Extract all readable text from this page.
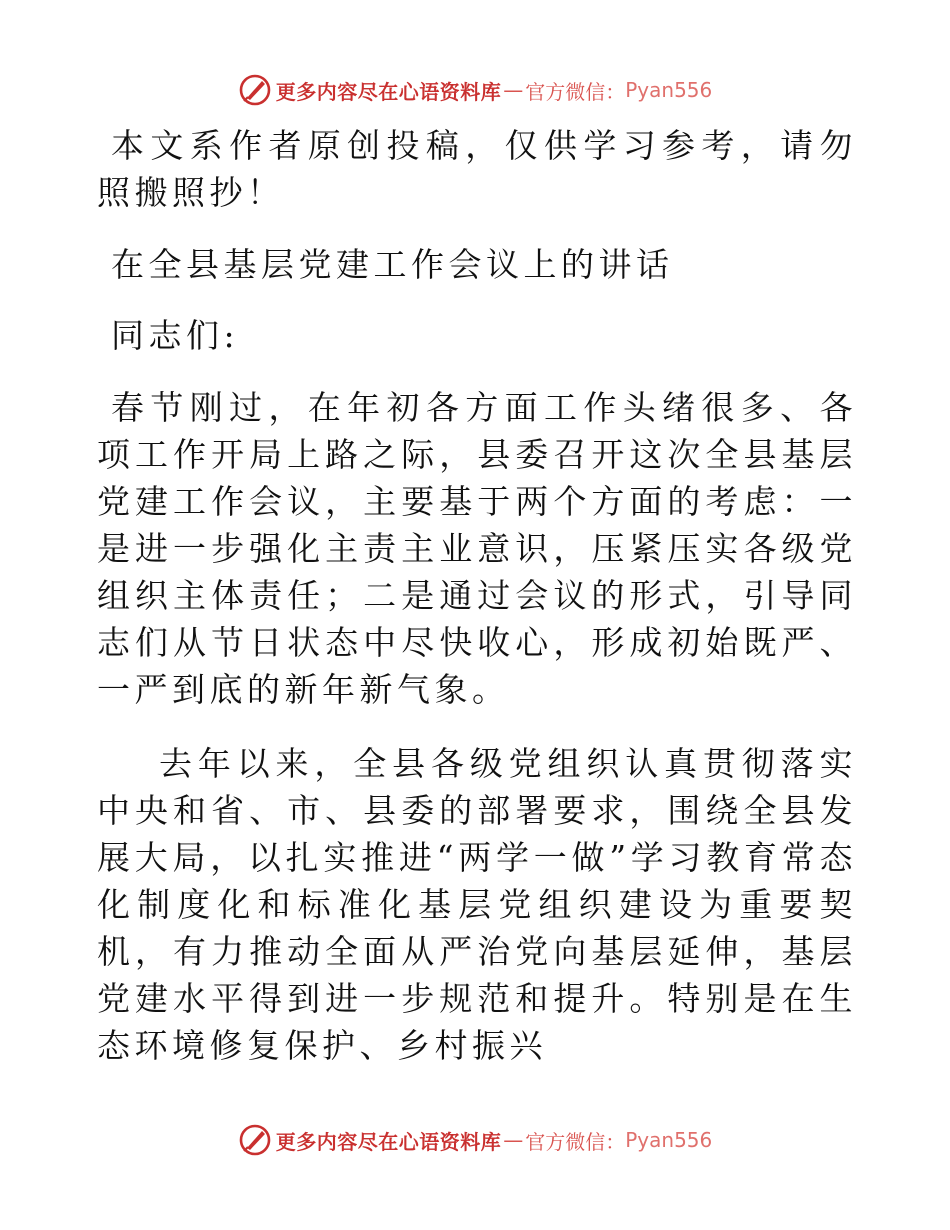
更多内容尽在心语资料库 — 官方微信： Pyan556

本文系作者原创投稿，仅供学习参考，请勿照搬照抄！

在全县基层党建工作会议上的讲话

同志们:

春节刚过，在年初各方面工作头绪很多、各项工作开局上路之际，县委召开这次全县基层党建工作会议，主要基于两个方面的考虑：一是进一步强化主责主业意识，压紧压实各级党组织主体责任；二是通过会议的形式，引导同志们从节日状态中尽快收心，形成初始既严、一严到底的新年新气象。

去年以来，全县各级党组织认真贯彻落实中央和省、市、县委的部署要求，围绕全县发展大局，以扎实推进“两学一做”学习教育常态化制度化和标准化基层党组织建设为重要契机，有力推动全面从严治党向基层延伸，基层党建水平得到进一步规范和提升。特别是在生态环境修复保护、乡村振兴

更多内容尽在心语资料库 — 官方微信： Pyan556
